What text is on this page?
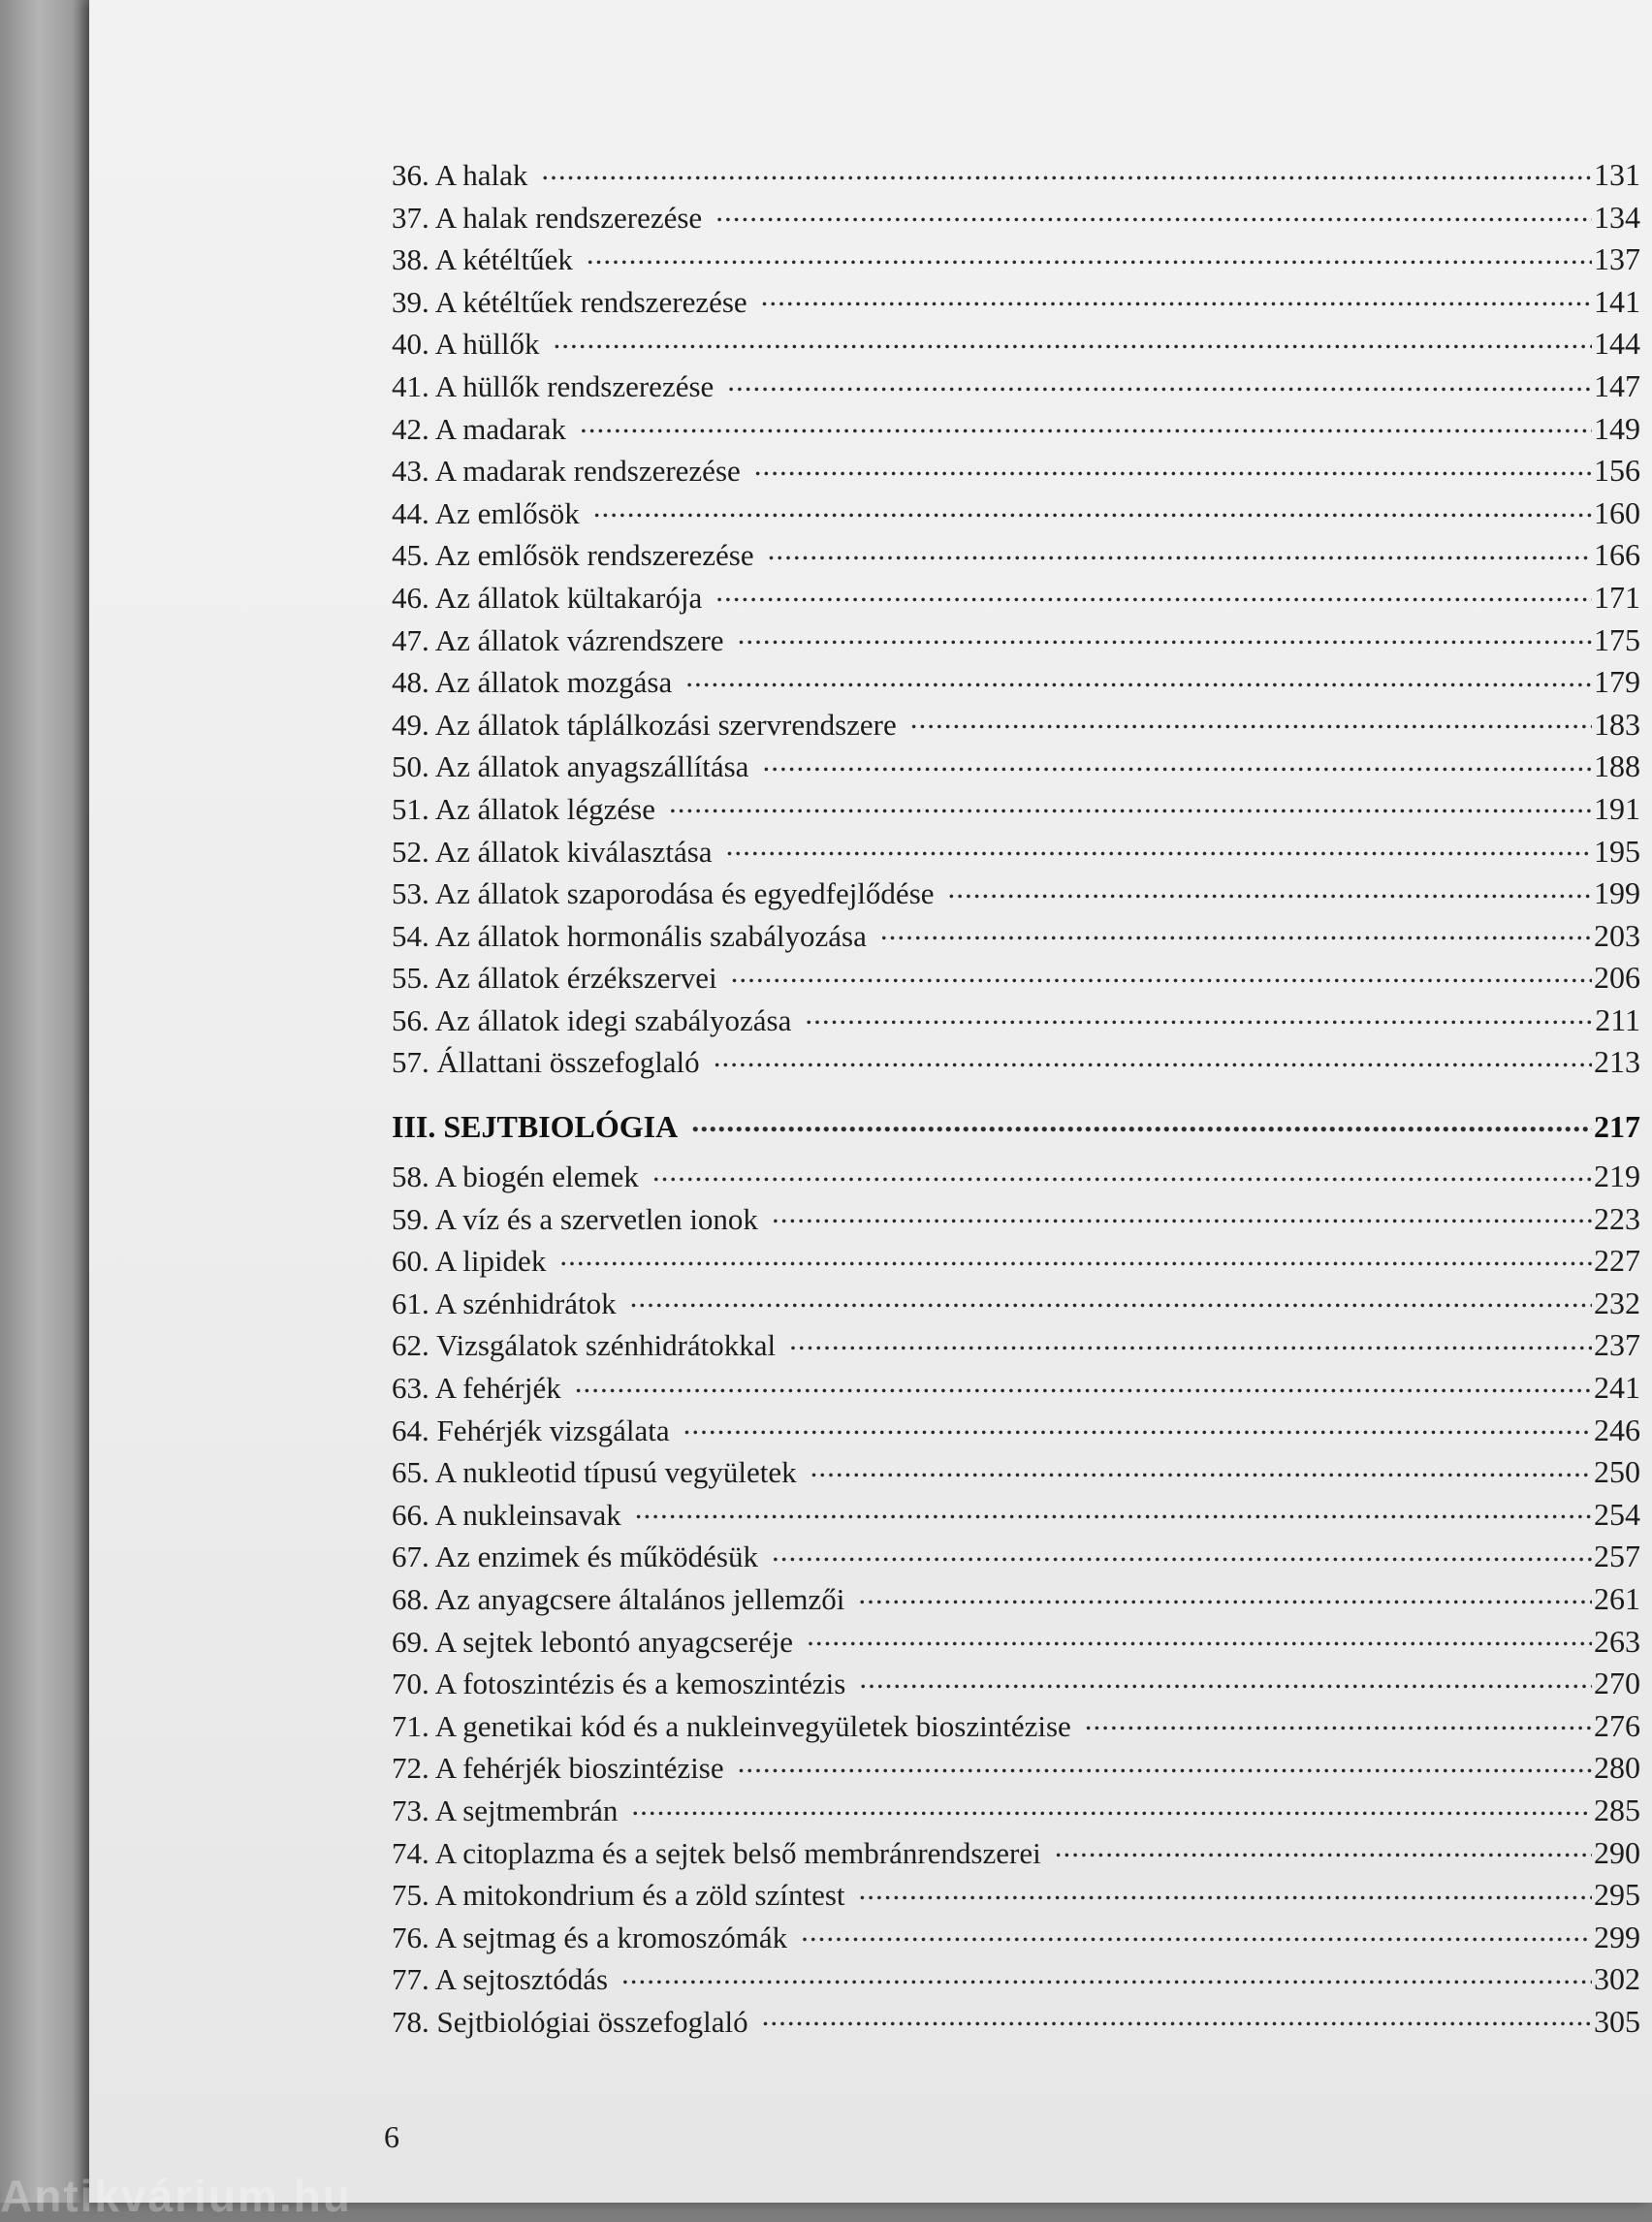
36. A halak .....	131
37. A halak rendszerezése .....	134
38. A kétéltűek .....	137
39. A kétéltűek rendszerezése .....	141
40. A hüllők .....	144
41. A hüllők rendszerezése .....	147
42. A madarak .....	149
43. A madarak rendszerezése .....	156
44. Az emlősök .....	160
45. Az emlősök rendszerezése .....	166
46. Az állatok kültakarója .....	171
47. Az állatok vázrendszere .....	175
48. Az állatok mozgása .....	179
49. Az állatok táplálkozási szervrendszere .....	183
50. Az állatok anyagszállítása .....	188
51. Az állatok légzése .....	191
52. Az állatok kiválasztása .....	195
53. Az állatok szaporodása és egyedfejlődése .....	199
54. Az állatok hormonális szabályozása .....	203
55. Az állatok érzékszervei .....	206
56. Az állatok idegi szabályozása .....	211
57. Állattani összefoglaló .....	213
III. SEJTBIOLÓGIA .....	217
58. A biogén elemek .....	219
59. A víz és a szervetlen ionok .....	223
60. A lipidek .....	227
61. A szénhidrátok .....	232
62. Vizsgálatok szénhidrátokkal .....	237
63. A fehérjék .....	241
64. Fehérjék vizsgálata .....	246
65. A nukleotid típusú vegyületek .....	250
66. A nukleinsavak .....	254
67. Az enzimek és működésük .....	257
68. Az anyagcsere általános jellemzői .....	261
69. A sejtek lebontó anyagcseréje .....	263
70. A fotoszintézis és a kemoszintézis .....	270
71. A genetikai kód és a nukleinvegyületek bioszintézise .....	276
72. A fehérjék bioszintézise .....	280
73. A sejtmembrán .....	285
74. A citoplazma és a sejtek belső membránrendszerei .....	290
75. A mitokondrium és a zöld színtest .....	295
76. A sejtmag és a kromoszómák .....	299
77. A sejtosztódás .....	302
78. Sejtbiológiai összefoglaló .....	305
6
Antikvárium.hu
